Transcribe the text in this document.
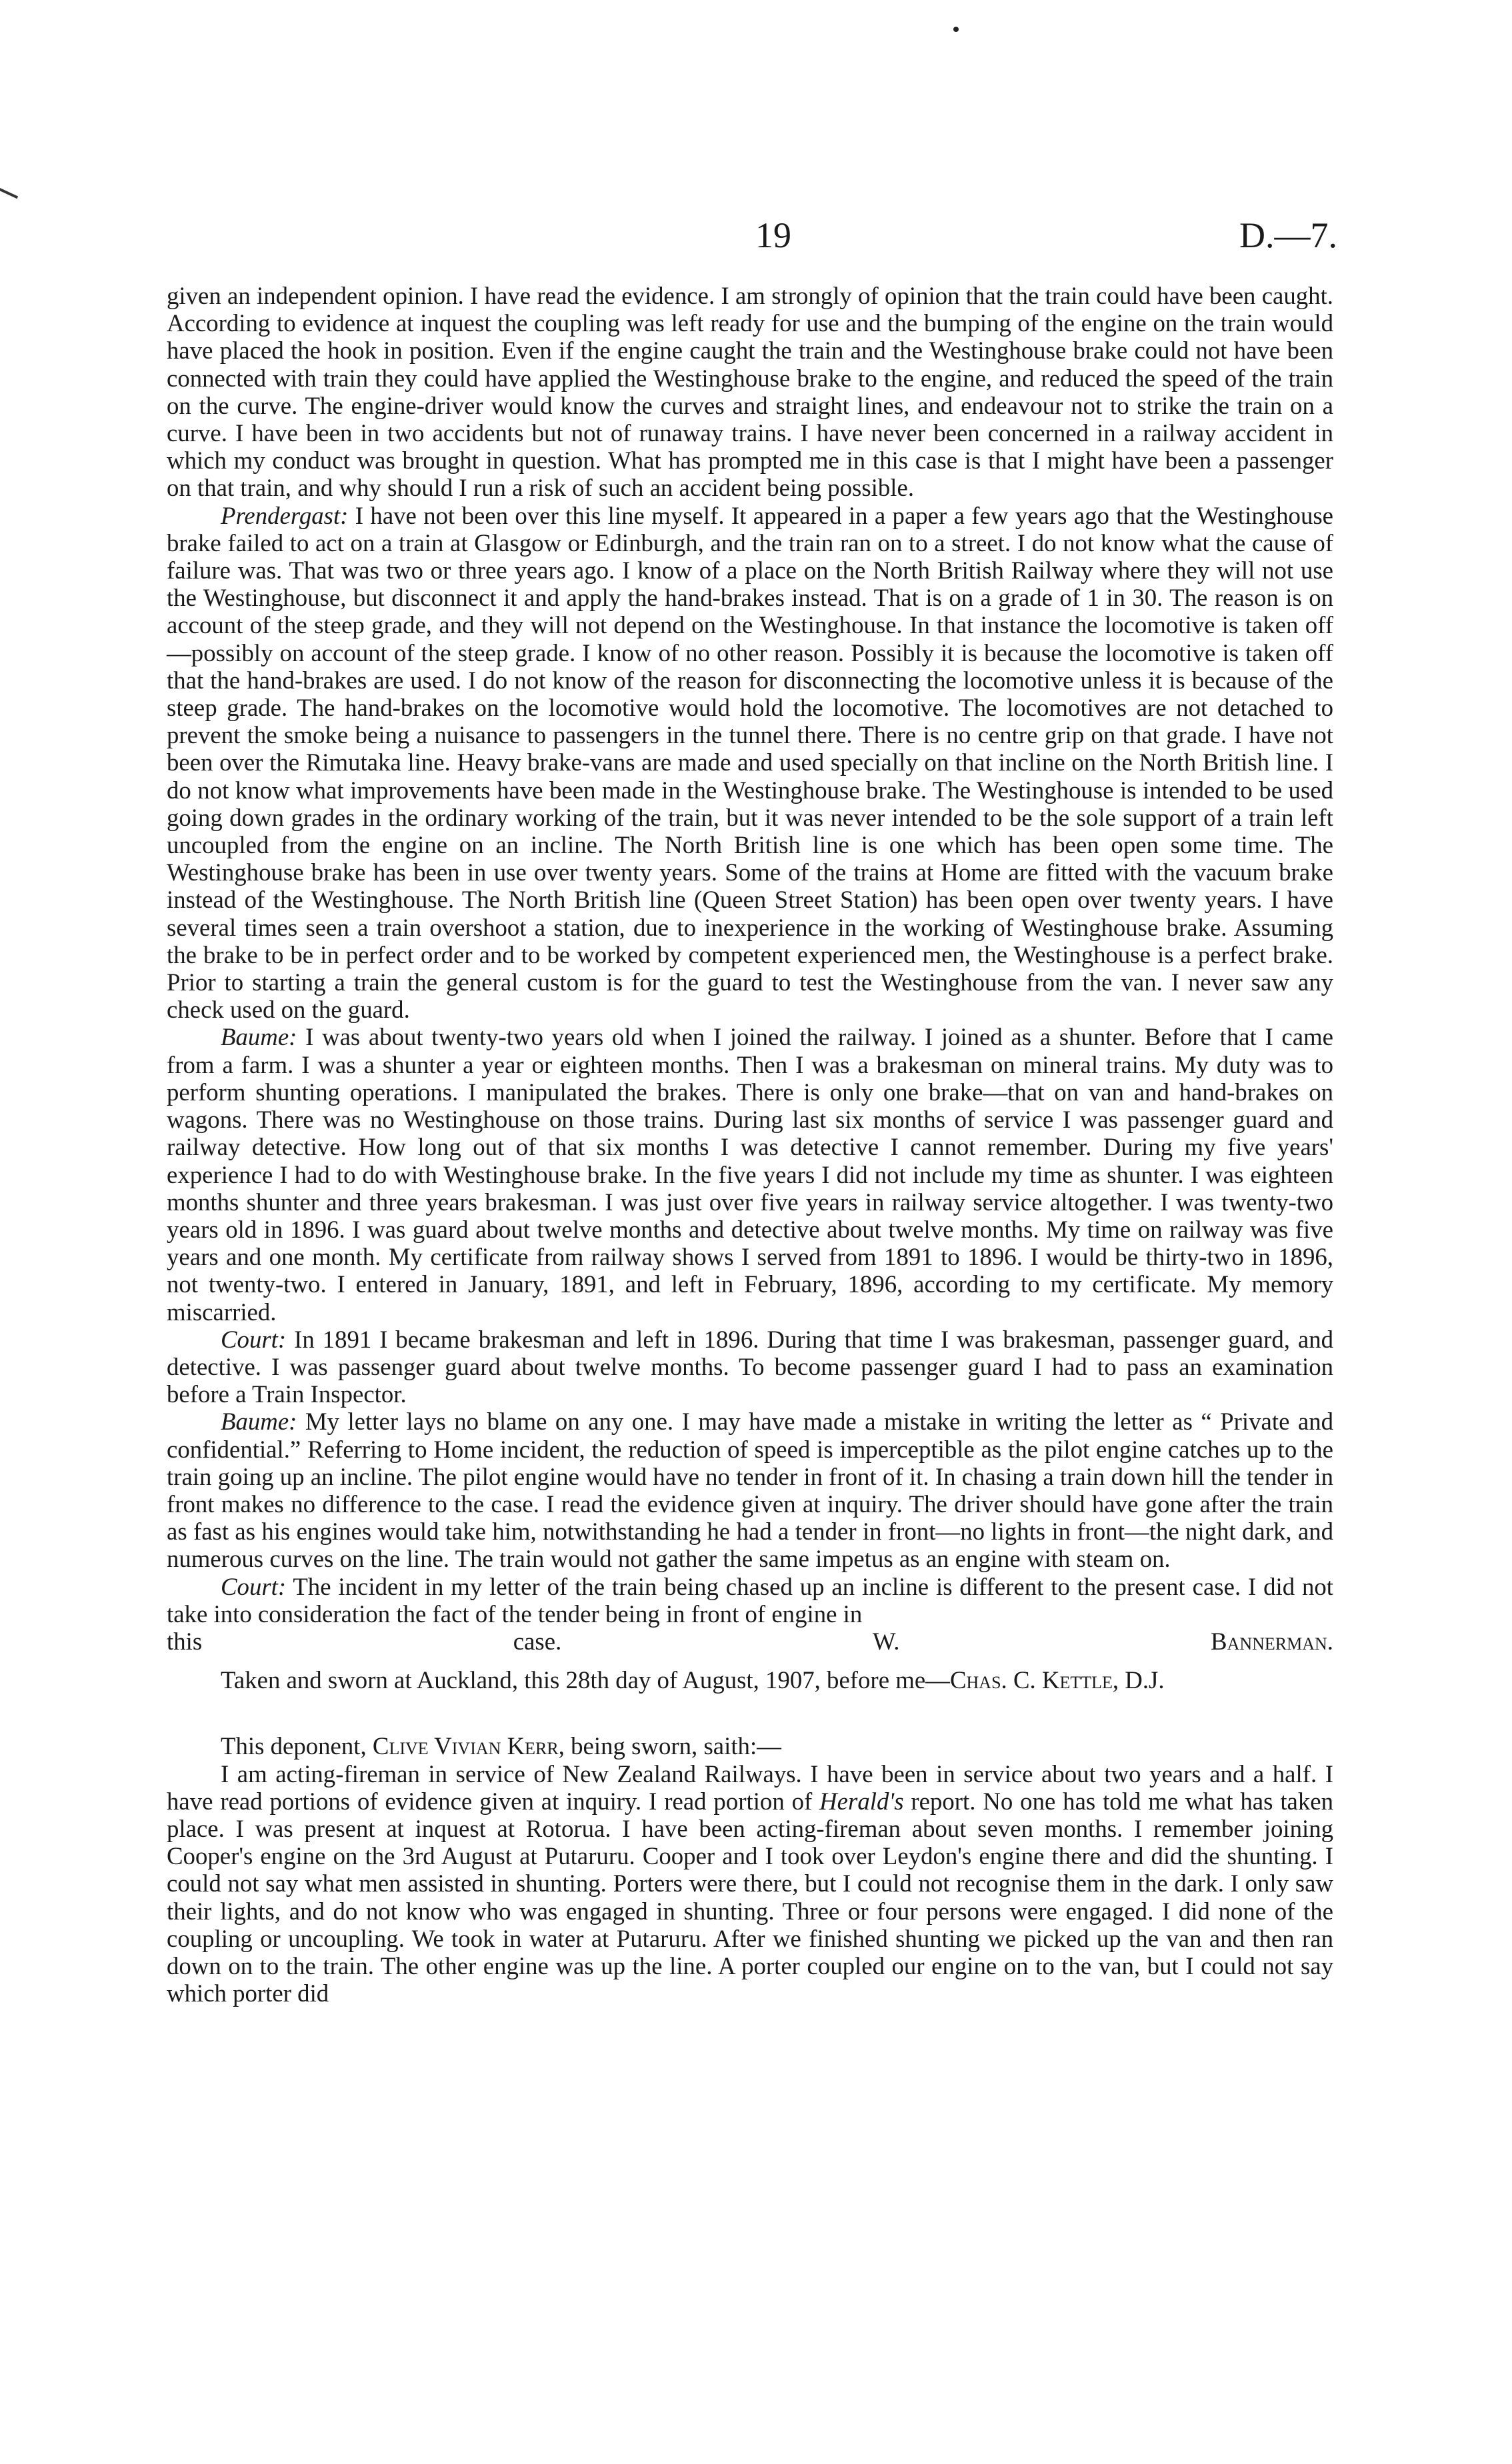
19	D.—7.

given an independent opinion. I have read the evidence. I am strongly of opinion that the train could have been caught. According to evidence at inquest the coupling was left ready for use and the bumping of the engine on the train would have placed the hook in position. Even if the engine caught the train and the Westinghouse brake could not have been connected with train they could have applied the Westinghouse brake to the engine, and reduced the speed of the train on the curve. The engine-driver would know the curves and straight lines, and endeavour not to strike the train on a curve. I have been in two accidents but not of runaway trains. I have never been concerned in a railway accident in which my conduct was brought in question. What has prompted me in this case is that I might have been a passenger on that train, and why should I run a risk of such an accident being possible.

Prendergast: I have not been over this line myself. It appeared in a paper a few years ago that the Westinghouse brake failed to act on a train at Glasgow or Edinburgh, and the train ran on to a street. I do not know what the cause of failure was. That was two or three years ago. I know of a place on the North British Railway where they will not use the Westinghouse, but disconnect it and apply the hand-brakes instead. That is on a grade of 1 in 30. The reason is on account of the steep grade, and they will not depend on the Westinghouse. In that instance the locomotive is taken off—possibly on account of the steep grade. I know of no other reason. Possibly it is because the locomotive is taken off that the hand-brakes are used. I do not know of the reason for disconnecting the locomotive unless it is because of the steep grade. The hand-brakes on the locomotive would hold the locomotive. The locomotives are not detached to prevent the smoke being a nuisance to passengers in the tunnel there. There is no centre grip on that grade. I have not been over the Rimutaka line. Heavy brake-vans are made and used specially on that incline on the North British line. I do not know what improvements have been made in the Westinghouse brake. The Westinghouse is intended to be used going down grades in the ordinary working of the train, but it was never intended to be the sole support of a train left uncoupled from the engine on an incline. The North British line is one which has been open some time. The Westinghouse brake has been in use over twenty years. Some of the trains at Home are fitted with the vacuum brake instead of the Westinghouse. The North British line (Queen Street Station) has been open over twenty years. I have several times seen a train overshoot a station, due to inexperience in the working of Westinghouse brake. Assuming the brake to be in perfect order and to be worked by competent experienced men, the Westinghouse is a perfect brake. Prior to starting a train the general custom is for the guard to test the Westinghouse from the van. I never saw any check used on the guard.

Baume: I was about twenty-two years old when I joined the railway. I joined as a shunter. Before that I came from a farm. I was a shunter a year or eighteen months. Then I was a brakesman on mineral trains. My duty was to perform shunting operations. I manipulated the brakes. There is only one brake—that on van and hand-brakes on wagons. There was no Westinghouse on those trains. During last six months of service I was passenger guard and railway detective. How long out of that six months I was detective I cannot remember. During my five years' experience I had to do with Westinghouse brake. In the five years I did not include my time as shunter. I was eighteen months shunter and three years brakesman. I was just over five years in railway service altogether. I was twenty-two years old in 1896. I was guard about twelve months and detective about twelve months. My time on railway was five years and one month. My certificate from railway shows I served from 1891 to 1896. I would be thirty-two in 1896, not twenty-two. I entered in January, 1891, and left in February, 1896, according to my certificate. My memory miscarried.

Court: In 1891 I became brakesman and left in 1896. During that time I was brakesman, passenger guard, and detective. I was passenger guard about twelve months. To become passenger guard I had to pass an examination before a Train Inspector.

Baume: My letter lays no blame on any one. I may have made a mistake in writing the letter as “ Private and confidential.” Referring to Home incident, the reduction of speed is imperceptible as the pilot engine catches up to the train going up an incline. The pilot engine would have no tender in front of it. In chasing a train down hill the tender in front makes no difference to the case. I read the evidence given at inquiry. The driver should have gone after the train as fast as his engines would take him, notwithstanding he had a tender in front—no lights in front—the night dark, and numerous curves on the line. The train would not gather the same impetus as an engine with steam on.

Court: The incident in my letter of the train being chased up an incline is different to the present case. I did not take into consideration the fact of the tender being in front of engine in

this case.	W. Bannerman.

Taken and sworn at Auckland, this 28th day of August, 1907, before me—Chas. C. Kettle, D.J.

This deponent, Clive Vivian Kerr, being sworn, saith:—

I am acting-fireman in service of New Zealand Railways. I have been in service about two years and a half. I have read portions of evidence given at inquiry. I read portion of Herald's report. No one has told me what has taken place. I was present at inquest at Rotorua. I have been acting-fireman about seven months. I remember joining Cooper's engine on the 3rd August at Putaruru. Cooper and I took over Leydon's engine there and did the shunting. I could not say what men assisted in shunting. Porters were there, but I could not recognise them in the dark. I only saw their lights, and do not know who was engaged in shunting. Three or four persons were engaged. I did none of the coupling or uncoupling. We took in water at Putaruru. After we finished shunting we picked up the van and then ran down on to the train. The other engine was up the line. A porter coupled our engine on to the van, but I could not say which porter did
